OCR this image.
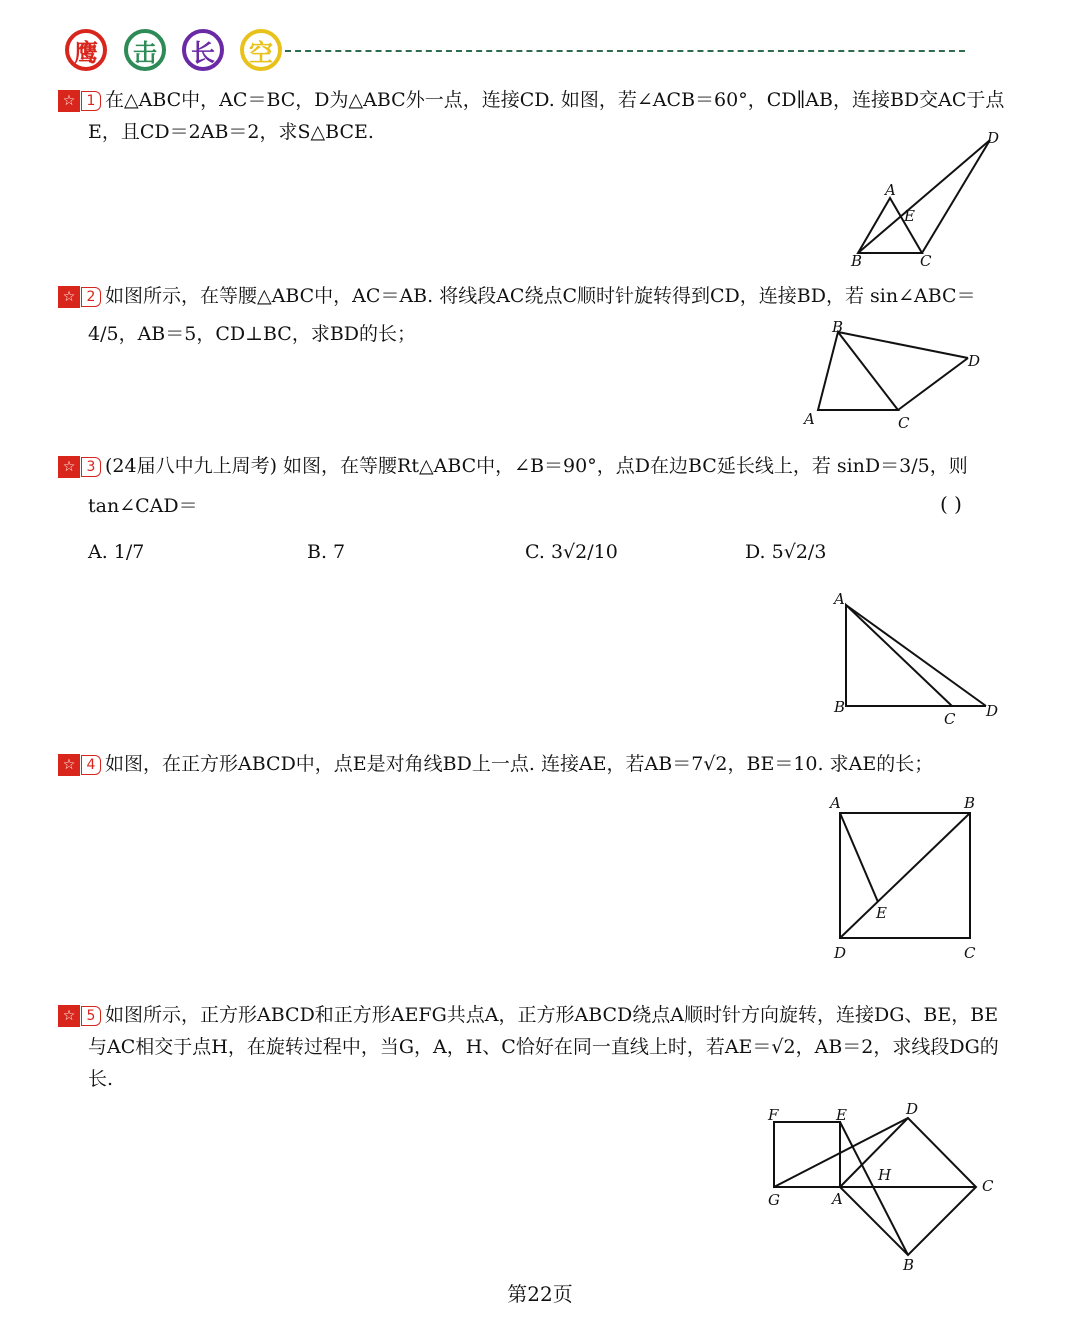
鹰	击	长	空
☆ 1 在△ABC中，AC＝BC，D为△ABC外一点，连接CD. 如图，若∠ACB＝60°，CD∥AB，连接BD交AC于点
E，且CD＝2AB＝2，求S△BCE.
A
B	C
D
E
☆ 2 如图所示，在等腰△ABC中，AC＝AB. 将线段AC绕点C顺时针旋转得到CD，连接BD，若 sin∠ABC＝
4/5，AB＝5，CD⊥BC，求BD的长；
A
B
C
D
☆ 3 (24届八中九上周考) 如图，在等腰Rt△ABC中，∠B＝90°，点D在边BC延长线上，若 sinD＝3/5，则
tan∠CAD＝	( )
A. 1/7	B. 7	C. 3√2/10	D. 5√2/3
A
B
C D
☆ 4 如图，在正方形ABCD中，点E是对角线BD上一点. 连接AE，若AB＝7√2，BE＝10. 求AE的长；
A	B
C
D
E
☆ 5 如图所示，正方形ABCD和正方形AEFG共点A，正方形ABCD绕点A顺时针方向旋转，连接DG、BE，BE
与AC相交于点H，在旋转过程中，当G，A，H、C恰好在同一直线上时，若AE＝√2，AB＝2，求线段DG的
长.
F	E	D
H
C
G	A
B
第22页
